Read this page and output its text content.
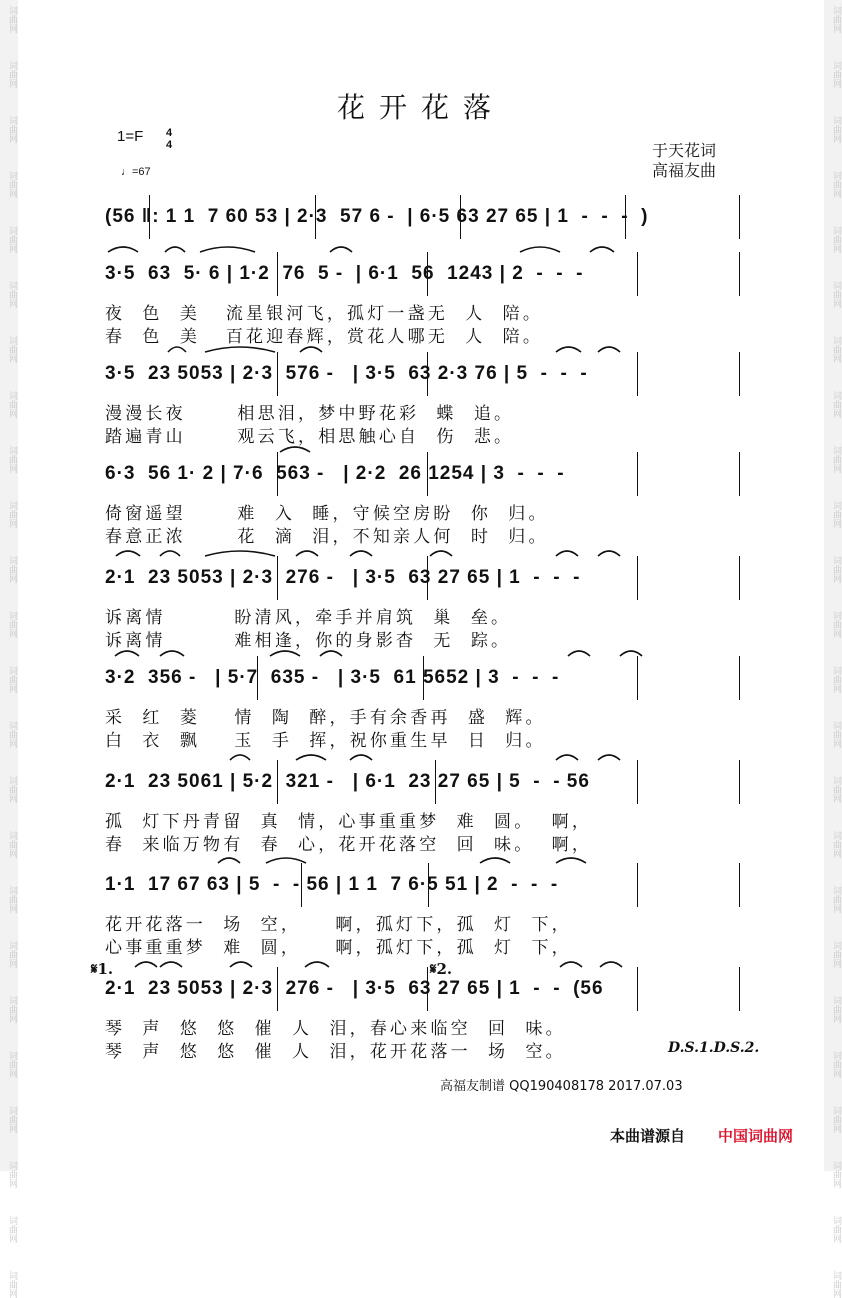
词曲网
词曲网
词曲网
词曲网
词曲网
词曲网
词曲网
词曲网
词曲网
词曲网
词曲网
词曲网
词曲网
词曲网
词曲网
词曲网
词曲网
词曲网
词曲网
词曲网
词曲网
词曲网
词曲网
词曲网
词曲网
词曲网
词曲网
词曲网
词曲网
词曲网
词曲网
词曲网
词曲网
词曲网
词曲网
词曲网
词曲网
词曲网
词曲网
词曲网
词曲网
词曲网
词曲网
词曲网
词曲网
词曲网
词曲网
词曲网
花开花落
1=F 4
4
♩=67
于天花词
高福友曲
(56 ‖: 1 1  7 60 53 | 2·3  57 6 -  | 6·5 63 27 65 | 1  -  -  -  )
3·5  63  5· 6 | 1·2  76  5 -  | 6·1  56  1243 | 2  -  -  -
夜  色  美   流星银河飞，孤灯一盏无  人  陪。
春  色  美   百花迎春辉，赏花人哪无  人  陪。
3·5  23 5053 | 2·3  576 -   | 3·5  63 2·3 76 | 5  -  -  -
漫漫长夜      相思泪，梦中野花彩  蝶  追。
踏遍青山      观云飞，相思触心自  伤  悲。
6·3  56 1· 2 | 7·6  563 -   | 2·2  26 1254 | 3  -  -  -
倚窗遥望      难  入  睡，守候空房盼  你  归。
春意正浓      花  滴  泪，不知亲人何  时  归。
2·1  23 5053 | 2·3  276 -   | 3·5  63 27 65 | 1  -  -  -
诉离情        盼清风，牵手并肩筑  巢  垒。
诉离情        难相逢，你的身影杳  无  踪。
3·2  356 -   | 5·7  635 -   | 3·5  61 5652 | 3  -  -  -
采  红  菱    情  陶  醉，手有余香再  盛  辉。
白  衣  飘    玉  手  挥，祝你重生早  日  归。
2·1  23 5061 | 5·2  321 -   | 6·1  23 27 65 | 5  -  - 56
孤  灯下丹青留  真  情，心事重重梦  难  圆。  啊，
春  来临万物有  春  心，花开花落空  回  味。  啊，
1·1  17 67 63 | 5  -  - 56 | 1 1  7 6·5 51 | 2  -  -  -
花开花落一  场  空，    啊，孤灯下，孤  灯  下，
心事重重梦  难  圆，    啊，孤灯下，孤  灯  下，
2·1  23 5053 | 2·3  276 -   | 3·5  63 27 65 | 1  -  -  (56
琴  声  悠  悠  催  人  泪，春心来临空  回  味。
琴  声  悠  悠  催  人  泪，花开花落一  场  空。
𝄋1.	𝄋2.
D.S.1.D.S.2.
高福友制谱 QQ190408178 2017.07.03
本曲谱源自 中国词曲网
